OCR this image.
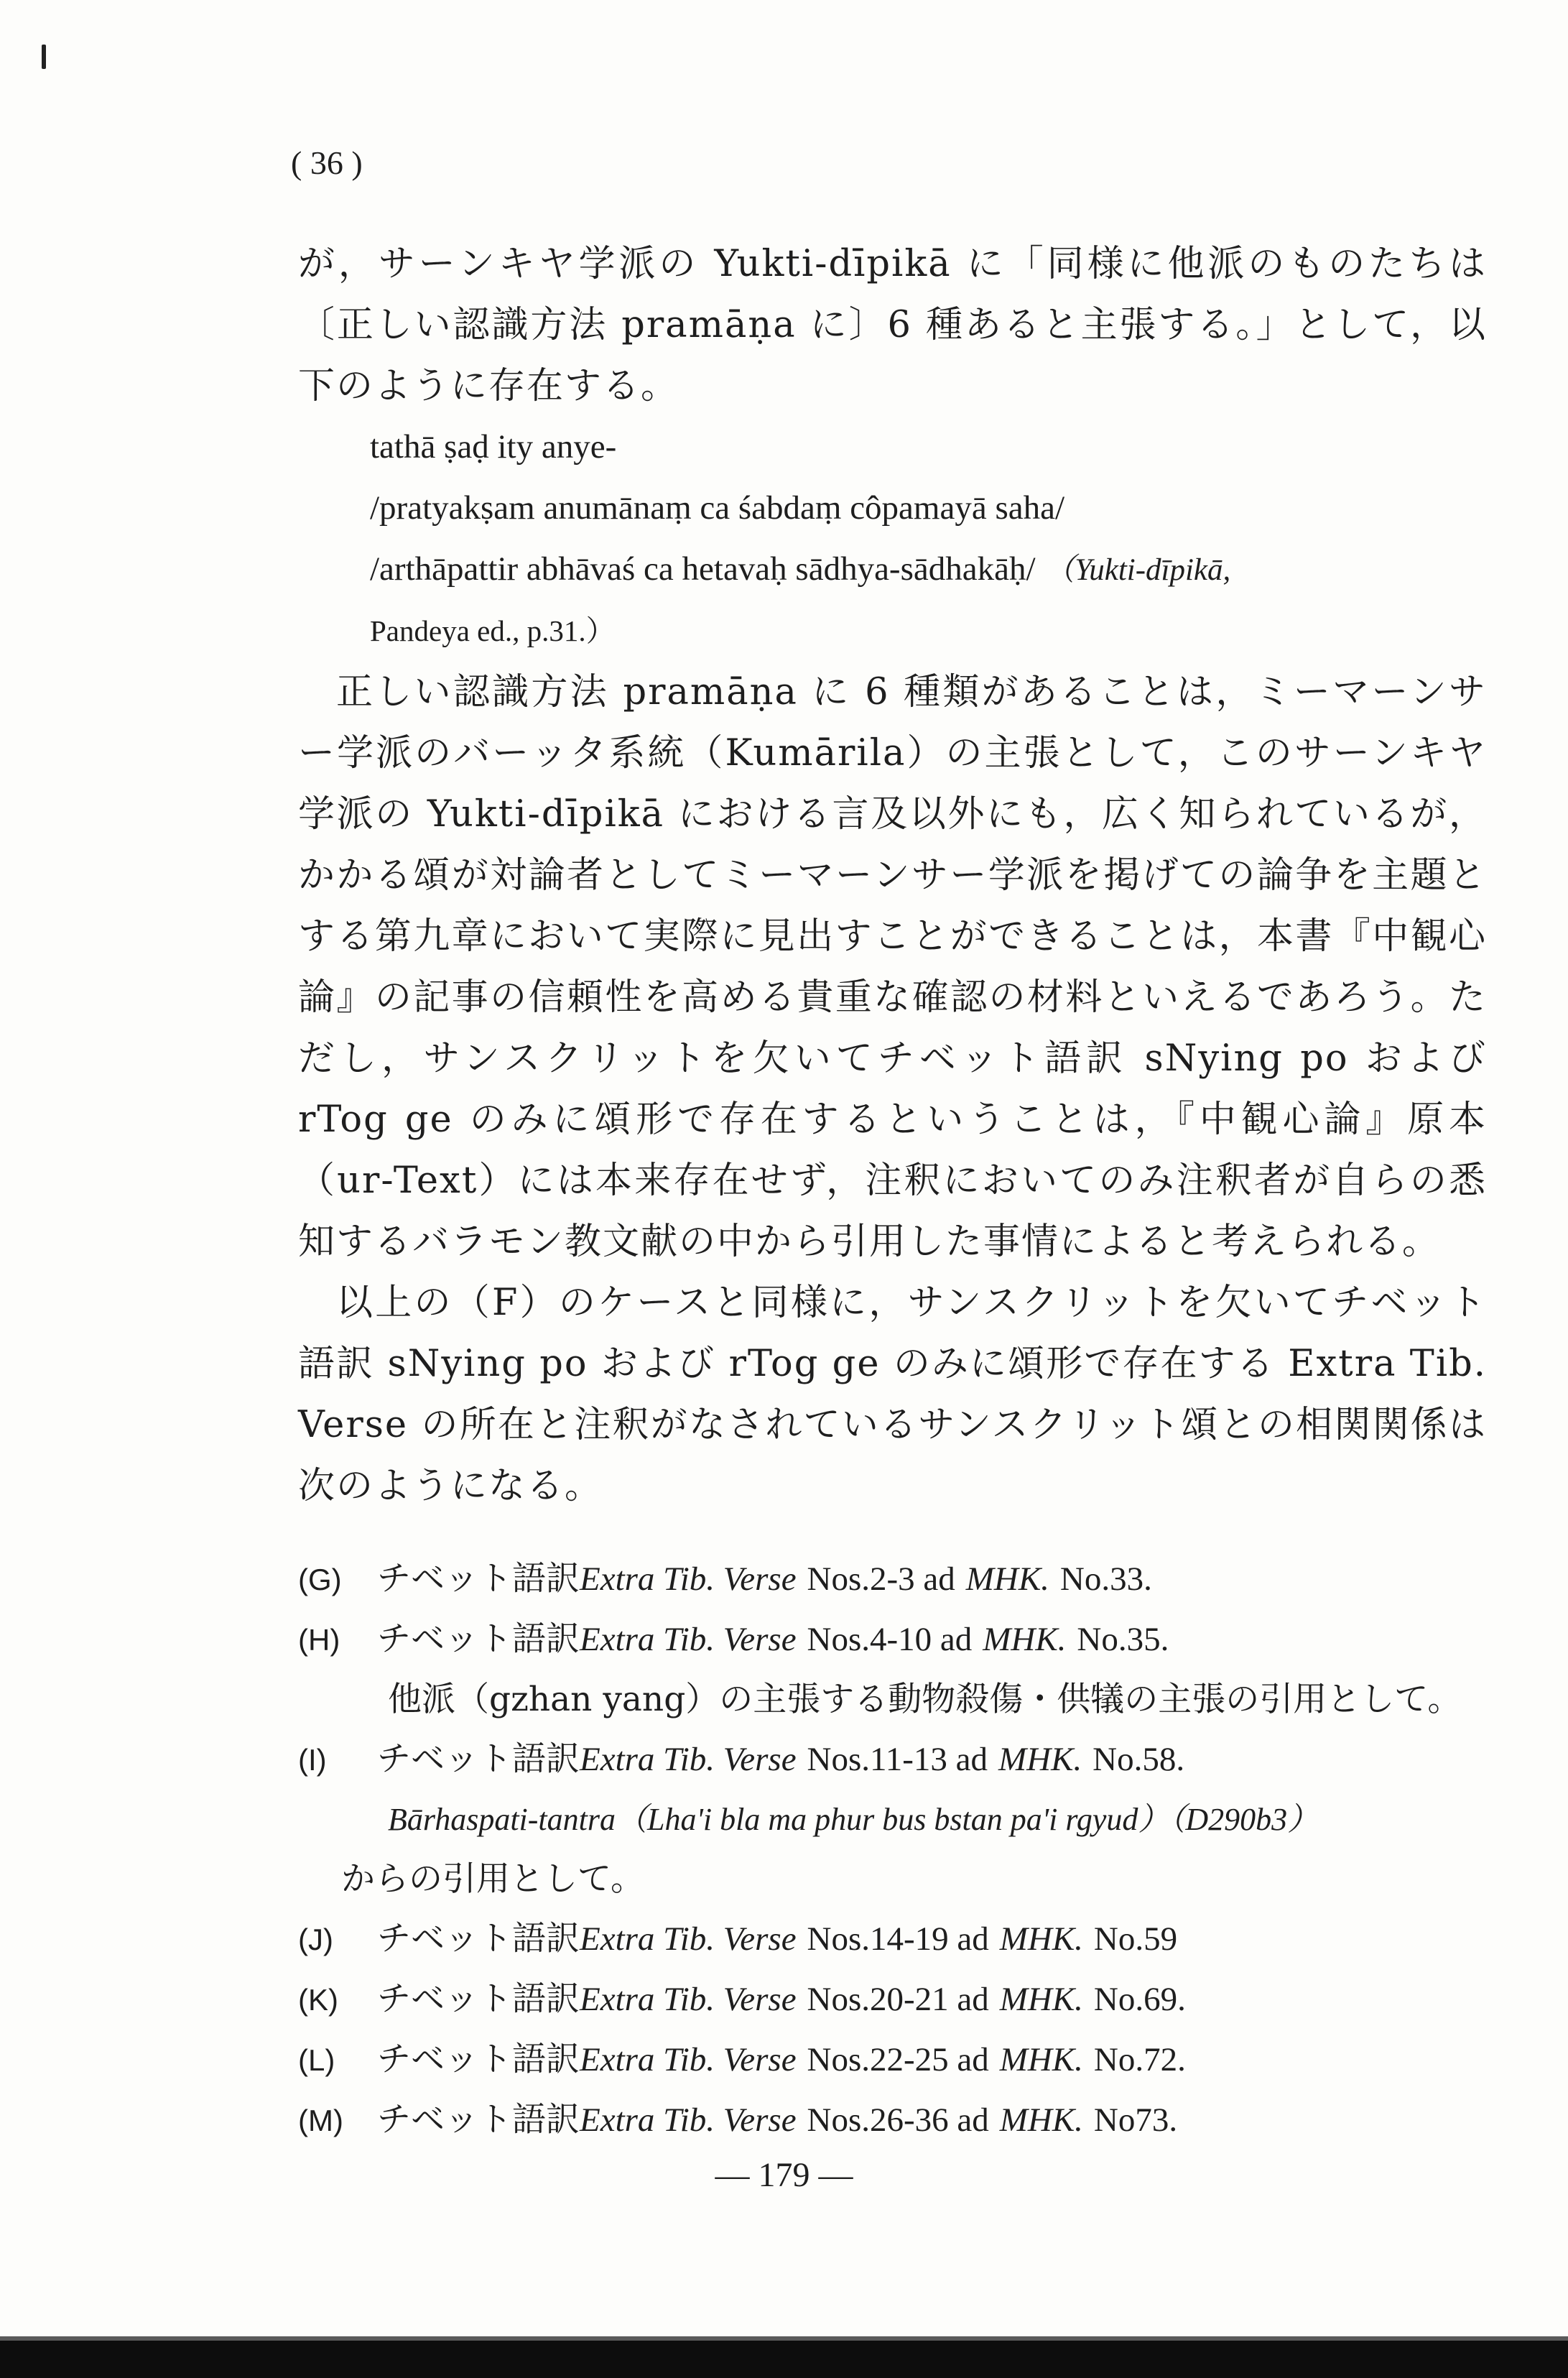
( 36 )

が，サーンキヤ学派の Yukti-dīpikā に「同様に他派のものたちは〔正しい認識方法 pramāṇa に〕6 種あると主張する。」として，以下のように存在する。

tathā ṣaḍ ity anye-

/pratyakṣam anumānaṃ ca śabdaṃ côpamayā saha/

/arthāpattir abhāvaś ca hetavaḥ sādhya-sādhakāḥ/ （Yukti-dīpikā,

Pandeya ed., p.31.）

正しい認識方法 pramāṇa に 6 種類があることは，ミーマーンサー学派のバーッタ系統（Kumārila）の主張として，このサーンキヤ学派の Yukti-dīpikā における言及以外にも，広く知られているが，かかる頌が対論者としてミーマーンサー学派を掲げての論争を主題とする第九章において実際に見出すことができることは，本書『中観心論』の記事の信頼性を高める貴重な確認の材料といえるであろう。ただし，サンスクリットを欠いてチベット語訳 sNying po および rTog ge のみに頌形で存在するということは，『中観心論』原本（ur-Text）には本来存在せず，注釈においてのみ注釈者が自らの悉知するバラモン教文献の中から引用した事情によると考えられる。

以上の（F）のケースと同様に，サンスクリットを欠いてチベット語訳 sNying po および rTog ge のみに頌形で存在する Extra Tib. Verse の所在と注釈がなされているサンスクリット頌との相関関係は次のようになる。

(G) チベット語訳Extra Tib. Verse Nos.2-3 ad MHK. No.33.

(H) チベット語訳Extra Tib. Verse Nos.4-10 ad MHK. No.35.

他派（gzhan yang）の主張する動物殺傷・供犠の主張の引用として。

(I) チベット語訳Extra Tib. Verse Nos.11-13 ad MHK. No.58.

Bārhaspati-tantra（Lha'i bla ma phur bus bstan pa'i rgyud）（D290b3）

からの引用として。

(J) チベット語訳Extra Tib. Verse Nos.14-19 ad MHK. No.59

(K) チベット語訳Extra Tib. Verse Nos.20-21 ad MHK. No.69.

(L) チベット語訳Extra Tib. Verse Nos.22-25 ad MHK. No.72.

(M) チベット語訳Extra Tib. Verse Nos.26-36 ad MHK. No73.

— 179 —
